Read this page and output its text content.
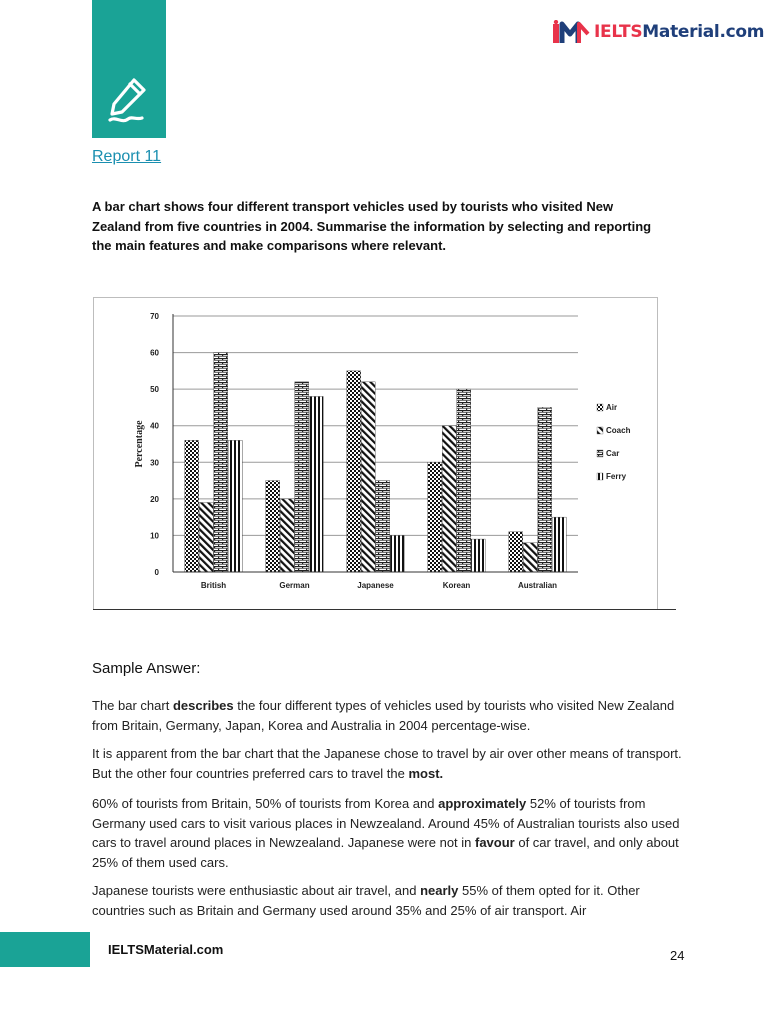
IELTSMaterial.com
Report 11
A bar chart shows four different transport vehicles used by tourists who visited New Zealand from five countries in 2004. Summarise the information by selecting and reporting the main features and make comparisons where relevant.
Air
Coach
Car
Ferry
0
10
20
30
40
50
60
70
British	German	Japanese	Korean	Australian
Percentage
Sample Answer:
The bar chart describes the four different types of vehicles used by tourists who visited New Zealand from Britain, Germany, Japan, Korea and Australia in 2004 percentage-wise.
It is apparent from the bar chart that the Japanese chose to travel by air over other means of transport. But the other four countries preferred cars to travel the most.
60% of tourists from Britain, 50% of tourists from Korea and approximately 52% of tourists from Germany used cars to visit various places in Newzealand. Around 45% of Australian tourists also used cars to travel around places in Newzealand. Japanese were not in favour of car travel, and only about 25% of them used cars.
Japanese tourists were enthusiastic about air travel, and nearly 55% of them opted for it. Other countries such as Britain and Germany used around 35% and 25% of air transport. Air
IELTSMaterial.com	24
